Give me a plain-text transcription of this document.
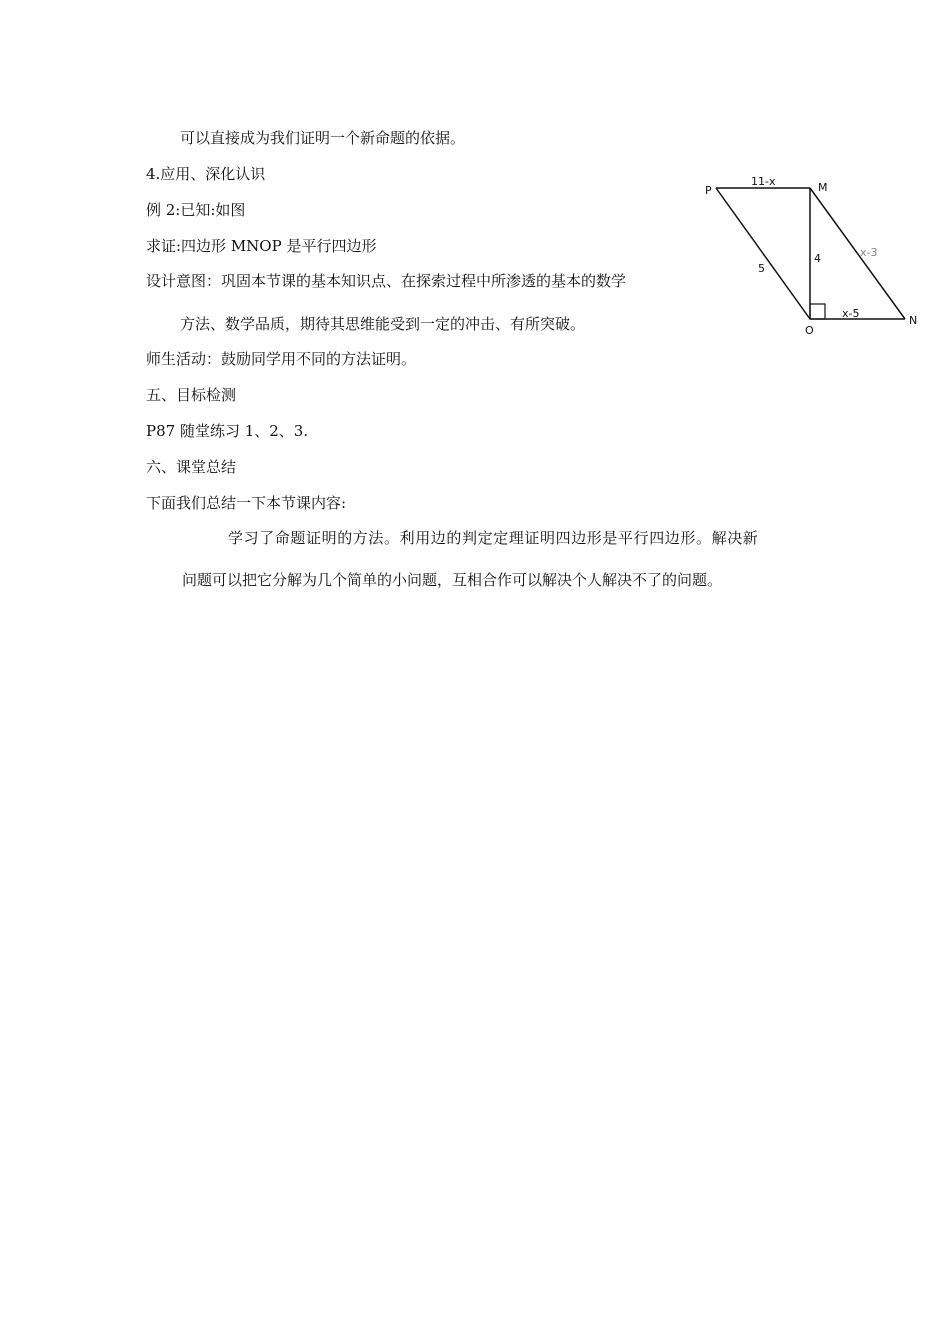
可以直接成为我们证明一个新命题的依据。
4.应用、深化认识
例 2:已知:如图
求证:四边形 MNOP 是平行四边形
设计意图：巩固本节课的基本知识点、在探索过程中所渗透的基本的数学
方法、数学品质，期待其思维能受到一定的冲击、有所突破。
师生活动：鼓励同学用不同的方法证明。
五、目标检测
P87 随堂练习 1、2、3.
六、课堂总结
下面我们总结一下本节课内容:
学习了命题证明的方法。利用边的判定定理证明四边形是平行四边形。解决新
问题可以把它分解为几个简单的小问题，互相合作可以解决个人解决不了的问题。
P	M
O
N
11-x
4
5
x-3
x-5
